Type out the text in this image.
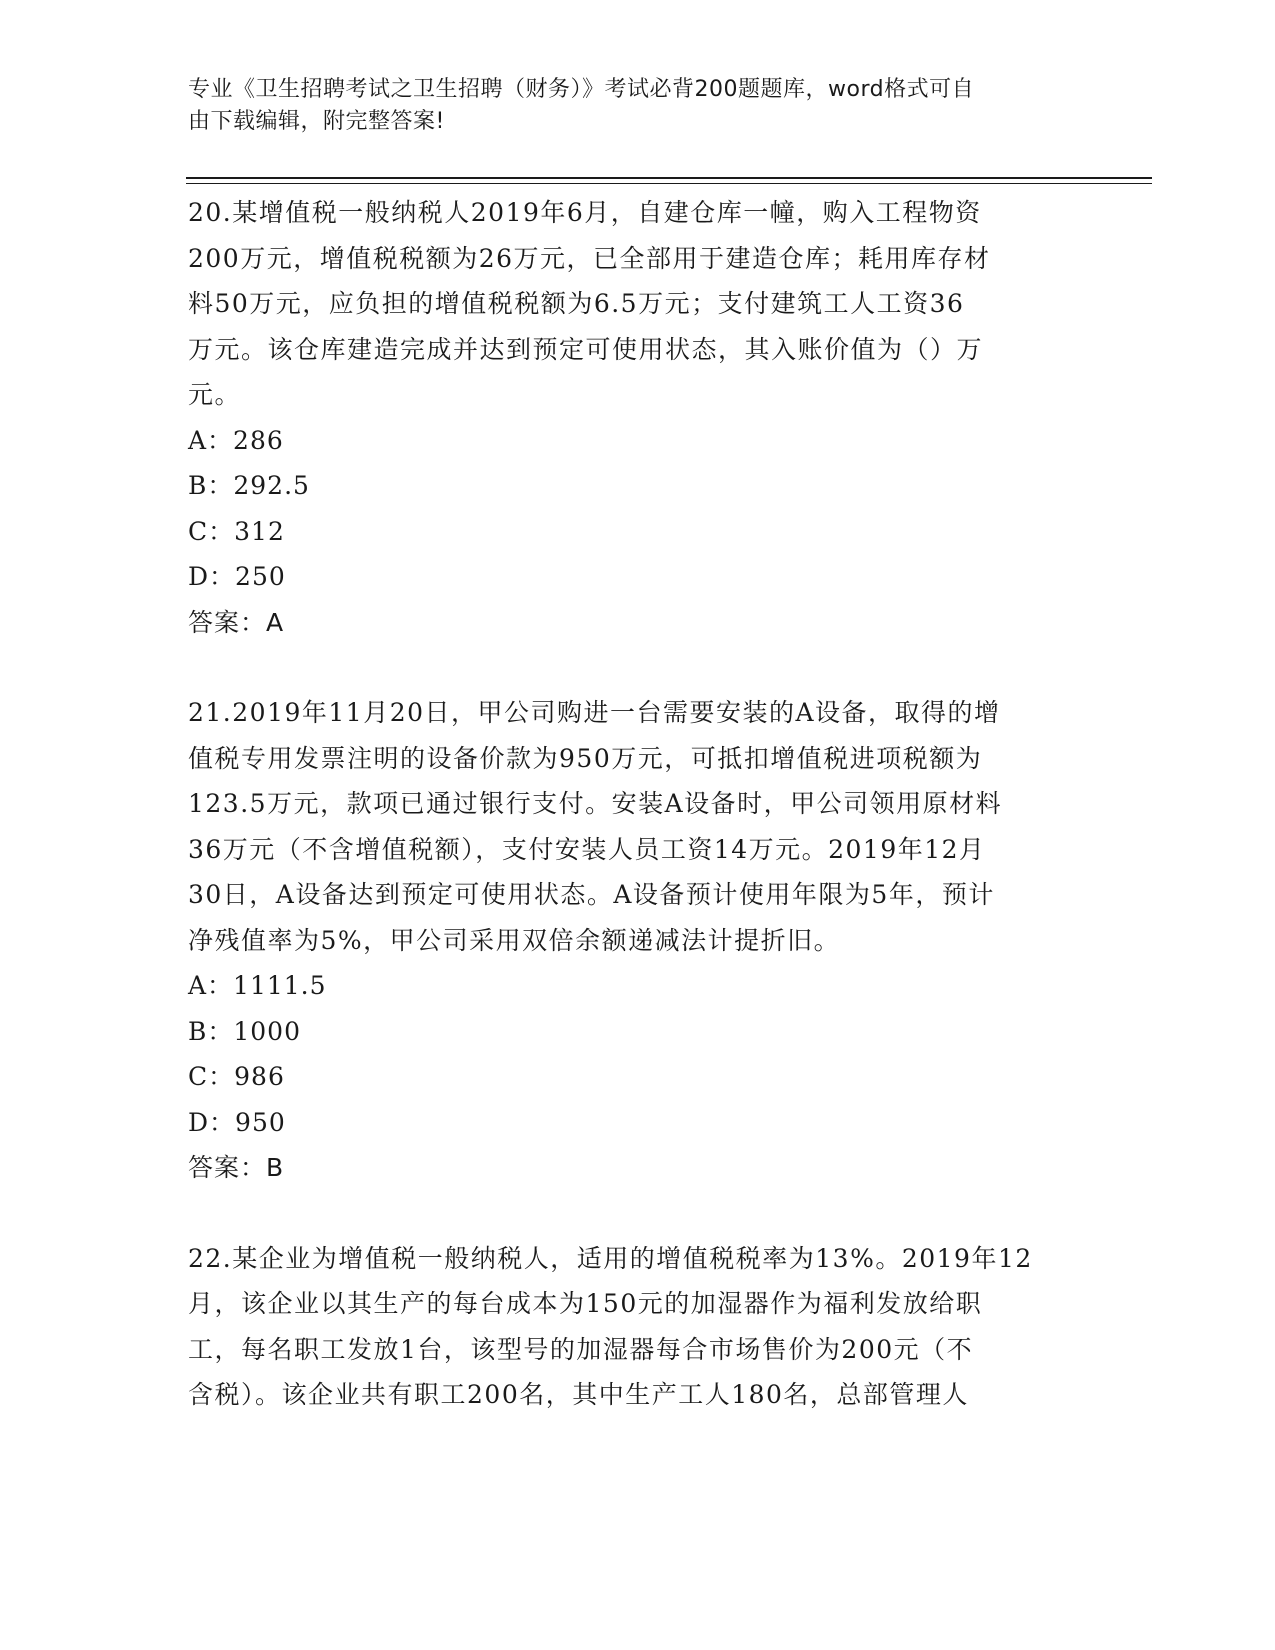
专业《卫生招聘考试之卫生招聘（财务）》考试必背200题题库，word格式可自
由下载编辑，附完整答案!
20.某增值税一般纳税人2019年6月，自建仓库一幢，购入工程物资
200万元，增值税税额为26万元，已全部用于建造仓库；耗用库存材
料50万元，应负担的增值税税额为6.5万元；支付建筑工人工资36
万元。该仓库建造完成并达到预定可使用状态，其入账价值为（）万
元。
A：286
B：292.5
C：312
D：250
答案：A
21.2019年11月20日，甲公司购进一台需要安装的A设备，取得的增
值税专用发票注明的设备价款为950万元，可抵扣增值税进项税额为
123.5万元，款项已通过银行支付。安装A设备时，甲公司领用原材料
36万元（不含增值税额），支付安装人员工资14万元。2019年12月
30日，A设备达到预定可使用状态。A设备预计使用年限为5年，预计
净残值率为5%，甲公司采用双倍余额递减法计提折旧。
A：1111.5
B：1000
C：986
D：950
答案：B
22.某企业为增值税一般纳税人，适用的增值税税率为13%。2019年12
月，该企业以其生产的每台成本为150元的加湿器作为福利发放给职
工，每名职工发放1台，该型号的加湿器每合市场售价为200元（不
含税）。该企业共有职工200名，其中生产工人180名，总部管理人
